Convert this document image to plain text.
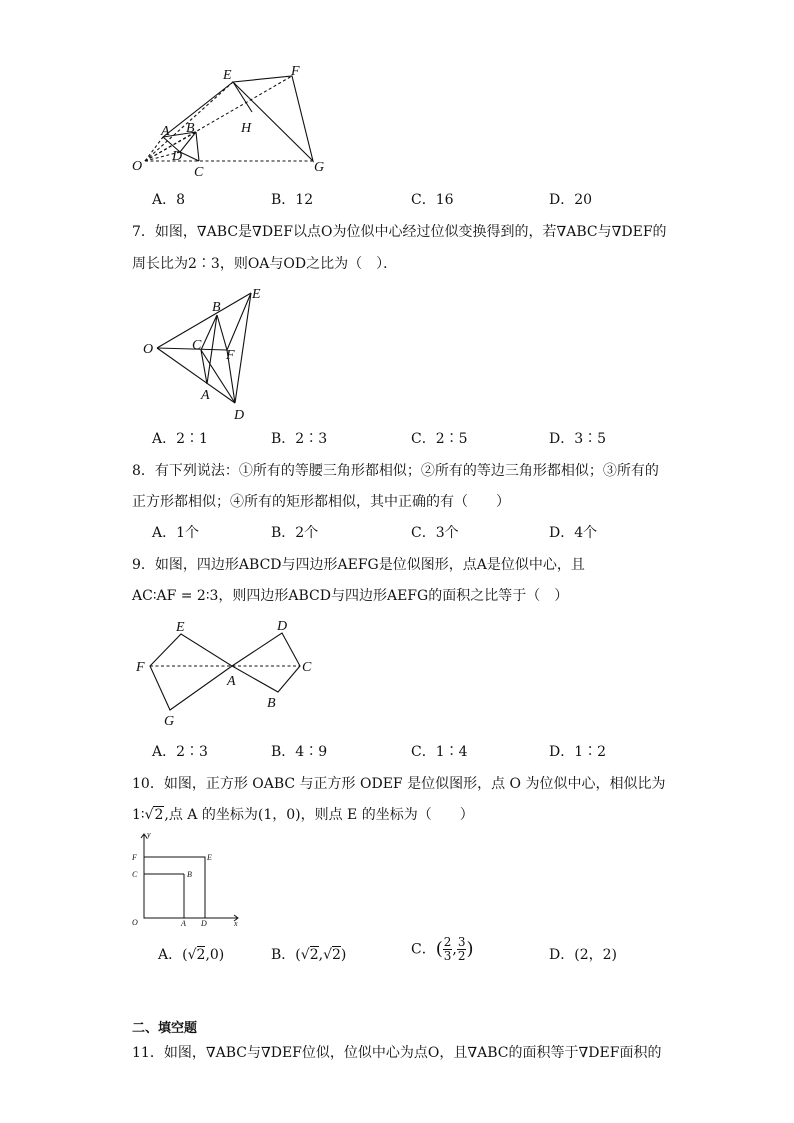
E	F
A B	H
D
O	C	G
A．8	B．12	C．16	D．20
7．如图，∇ABC是∇DEF以点O为位似中心经过位似变换得到的，若∇ABC与∇DEF的
周长比为2∶3，则OA与OD之比为（　）．
O
B
E
C
F
A
D
A．2∶1	B．2∶3	C．2∶5	D．3∶5
8．有下列说法：①所有的等腰三角形都相似；②所有的等边三角形都相似；③所有的
正方形都相似；④所有的矩形都相似，其中正确的有（　　）
A．1个	B．2个	C．3个	D．4个
9．如图，四边形ABCD与四边形AEFG是位似图形，点A是位似中心，且
AC∶AF = 2∶3，则四边形ABCD与四边形AEFG的面积之比等于（　）
E	D
F	C
A
B
G
A．2∶3	B．4∶9	C．1∶4	D．1∶2
10．如图，正方形 OABC 与正方形 ODEF 是位似图形，点 O 为位似中心，相似比为
1∶√2,点 A 的坐标为(1，0)，则点 E 的坐标为（　　）
y
F	E
C	B
O	A D	x
A．(√2,0)	B．(√2,√2)	C．( $\frac{2}{3}$ , $\frac{3}{2}$ )	D．(2，2)
二、填空题
11．如图，∇ABC与∇DEF位似，位似中心为点O，且∇ABC的面积等于∇DEF面积的
